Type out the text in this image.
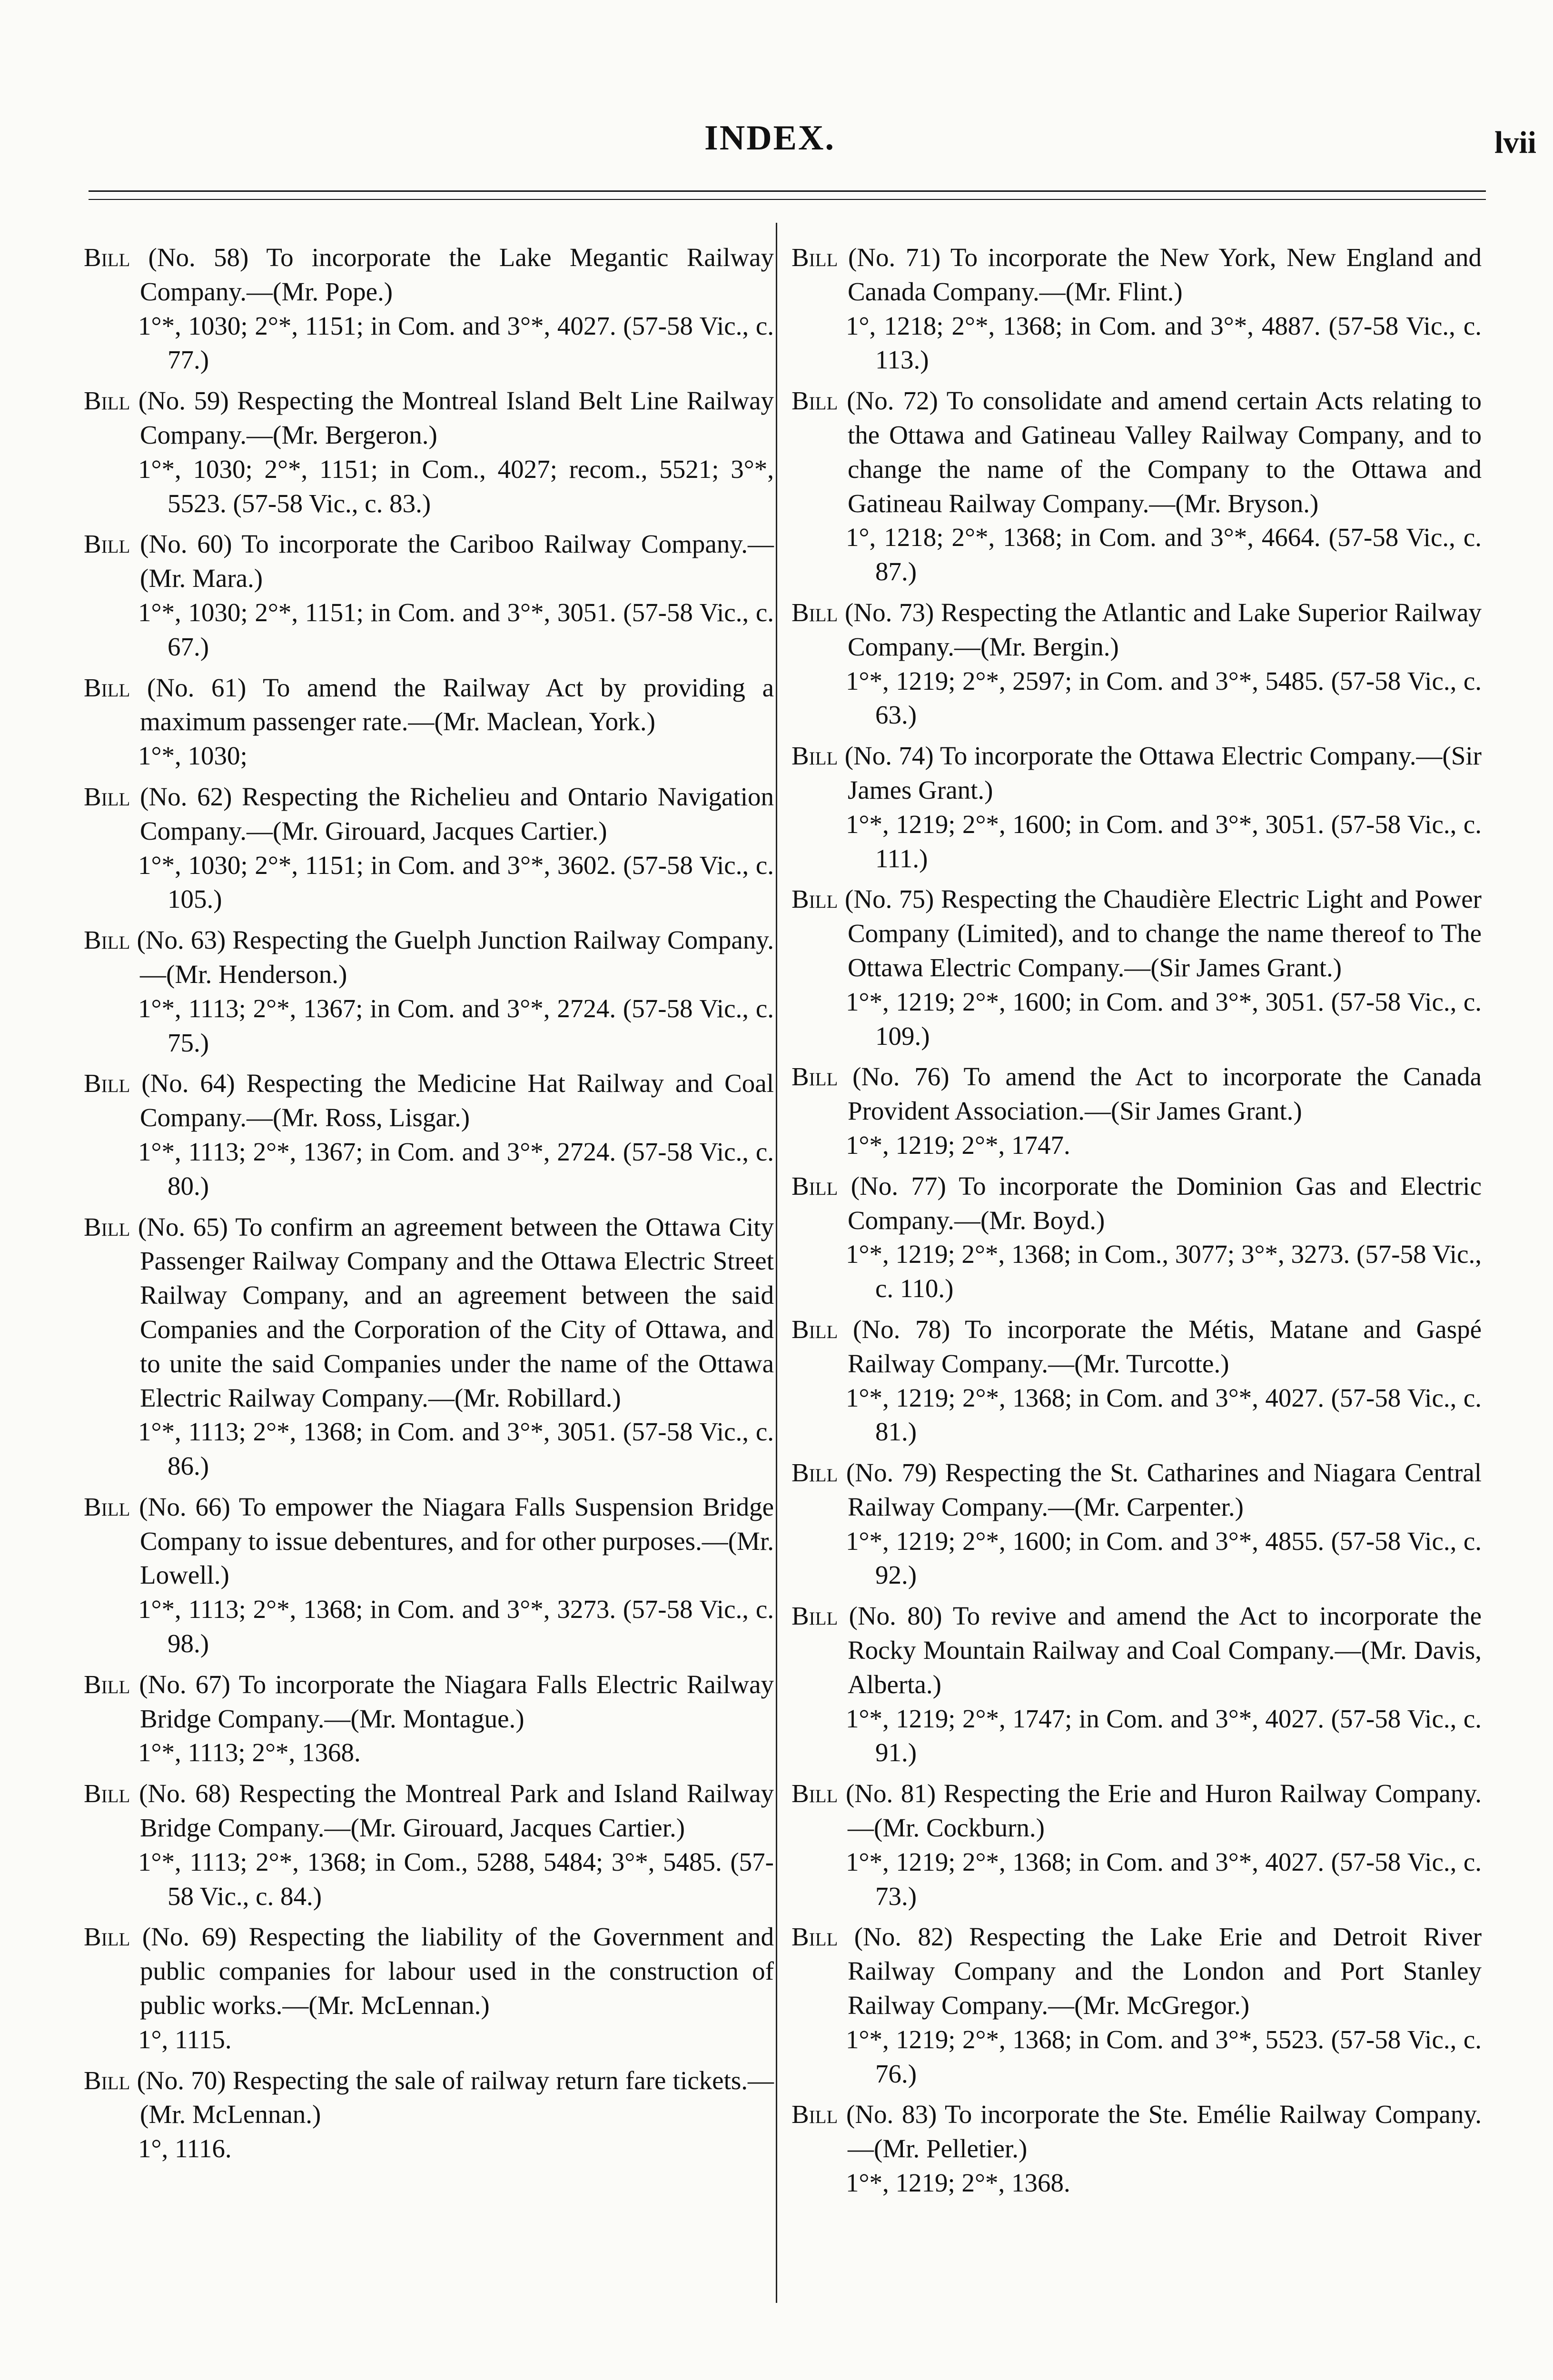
INDEX.	lvii
Bill (No. 58) To incorporate the Lake Megantic Railway Company.—(Mr. Pope.)
1°*, 1030; 2°*, 1151; in Com. and 3°*, 4027. (57-58 Vic., c. 77.)
Bill (No. 59) Respecting the Montreal Island Belt Line Railway Company.—(Mr. Bergeron.)
1°*, 1030; 2°*, 1151; in Com., 4027; recom., 5521; 3°*, 5523. (57-58 Vic., c. 83.)
Bill (No. 60) To incorporate the Cariboo Railway Company.—(Mr. Mara.)
1°*, 1030; 2°*, 1151; in Com. and 3°*, 3051. (57-58 Vic., c. 67.)
Bill (No. 61) To amend the Railway Act by providing a maximum passenger rate.—(Mr. Maclean, York.)
1°*, 1030;
Bill (No. 62) Respecting the Richelieu and Ontario Navigation Company.—(Mr. Girouard, Jacques Cartier.)
1°*, 1030; 2°*, 1151; in Com. and 3°*, 3602. (57-58 Vic., c. 105.)
Bill (No. 63) Respecting the Guelph Junction Railway Company.—(Mr. Henderson.)
1°*, 1113; 2°*, 1367; in Com. and 3°*, 2724. (57-58 Vic., c. 75.)
Bill (No. 64) Respecting the Medicine Hat Railway and Coal Company.—(Mr. Ross, Lisgar.)
1°*, 1113; 2°*, 1367; in Com. and 3°*, 2724. (57-58 Vic., c. 80.)
Bill (No. 65) To confirm an agreement between the Ottawa City Passenger Railway Company and the Ottawa Electric Street Railway Company, and an agreement between the said Companies and the Corporation of the City of Ottawa, and to unite the said Companies under the name of the Ottawa Electric Railway Company.—(Mr. Robillard.)
1°*, 1113; 2°*, 1368; in Com. and 3°*, 3051. (57-58 Vic., c. 86.)
Bill (No. 66) To empower the Niagara Falls Suspension Bridge Company to issue debentures, and for other purposes.—(Mr. Lowell.)
1°*, 1113; 2°*, 1368; in Com. and 3°*, 3273. (57-58 Vic., c. 98.)
Bill (No. 67) To incorporate the Niagara Falls Electric Railway Bridge Company.—(Mr. Montague.)
1°*, 1113; 2°*, 1368.
Bill (No. 68) Respecting the Montreal Park and Island Railway Bridge Company.—(Mr. Girouard, Jacques Cartier.)
1°*, 1113; 2°*, 1368; in Com., 5288, 5484; 3°*, 5485. (57-58 Vic., c. 84.)
Bill (No. 69) Respecting the liability of the Government and public companies for labour used in the construction of public works.—(Mr. McLennan.)
1°, 1115.
Bill (No. 70) Respecting the sale of railway return fare tickets.—(Mr. McLennan.)
1°, 1116.
Bill (No. 71) To incorporate the New York, New England and Canada Company.—(Mr. Flint.)
1°, 1218; 2°*, 1368; in Com. and 3°*, 4887. (57-58 Vic., c. 113.)
Bill (No. 72) To consolidate and amend certain Acts relating to the Ottawa and Gatineau Valley Railway Company, and to change the name of the Company to the Ottawa and Gatineau Railway Company.—(Mr. Bryson.)
1°, 1218; 2°*, 1368; in Com. and 3°*, 4664. (57-58 Vic., c. 87.)
Bill (No. 73) Respecting the Atlantic and Lake Superior Railway Company.—(Mr. Bergin.)
1°*, 1219; 2°*, 2597; in Com. and 3°*, 5485. (57-58 Vic., c. 63.)
Bill (No. 74) To incorporate the Ottawa Electric Company.—(Sir James Grant.)
1°*, 1219; 2°*, 1600; in Com. and 3°*, 3051. (57-58 Vic., c. 111.)
Bill (No. 75) Respecting the Chaudière Electric Light and Power Company (Limited), and to change the name thereof to The Ottawa Electric Company.—(Sir James Grant.)
1°*, 1219; 2°*, 1600; in Com. and 3°*, 3051. (57-58 Vic., c. 109.)
Bill (No. 76) To amend the Act to incorporate the Canada Provident Association.—(Sir James Grant.)
1°*, 1219; 2°*, 1747.
Bill (No. 77) To incorporate the Dominion Gas and Electric Company.—(Mr. Boyd.)
1°*, 1219; 2°*, 1368; in Com., 3077; 3°*, 3273. (57-58 Vic., c. 110.)
Bill (No. 78) To incorporate the Métis, Matane and Gaspé Railway Company.—(Mr. Turcotte.)
1°*, 1219; 2°*, 1368; in Com. and 3°*, 4027. (57-58 Vic., c. 81.)
Bill (No. 79) Respecting the St. Catharines and Niagara Central Railway Company.—(Mr. Carpenter.)
1°*, 1219; 2°*, 1600; in Com. and 3°*, 4855. (57-58 Vic., c. 92.)
Bill (No. 80) To revive and amend the Act to incorporate the Rocky Mountain Railway and Coal Company.—(Mr. Davis, Alberta.)
1°*, 1219; 2°*, 1747; in Com. and 3°*, 4027. (57-58 Vic., c. 91.)
Bill (No. 81) Respecting the Erie and Huron Railway Company.—(Mr. Cockburn.)
1°*, 1219; 2°*, 1368; in Com. and 3°*, 4027. (57-58 Vic., c. 73.)
Bill (No. 82) Respecting the Lake Erie and Detroit River Railway Company and the London and Port Stanley Railway Company.—(Mr. McGregor.)
1°*, 1219; 2°*, 1368; in Com. and 3°*, 5523. (57-58 Vic., c. 76.)
Bill (No. 83) To incorporate the Ste. Emélie Railway Company.—(Mr. Pelletier.)
1°*, 1219; 2°*, 1368.
